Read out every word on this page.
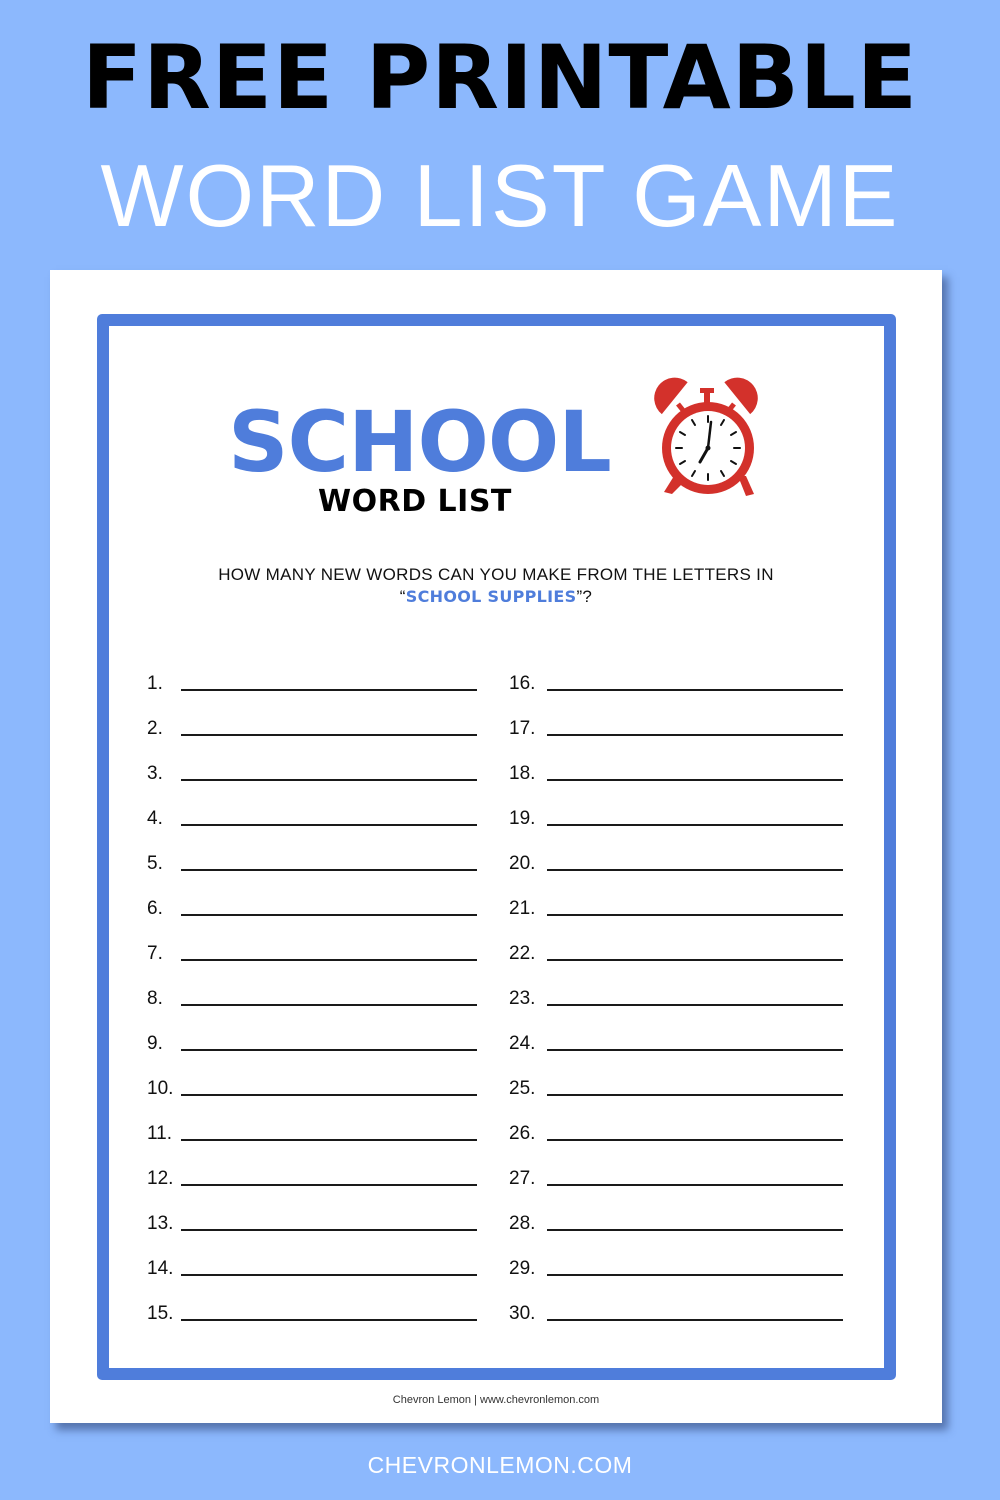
FREE PRINTABLE
WORD LIST GAME
SCHOOL
WORD LIST
HOW MANY NEW WORDS CAN YOU MAKE FROM THE LETTERS IN
“SCHOOL SUPPLIES”?
1.
2.
3.
4.
5.
6.
7.
8.
9.
10.
11.
12.
13.
14.
15.
16.
17.
18.
19.
20.
21.
22.
23.
24.
25.
26.
27.
28.
29.
30.
Chevron Lemon | www.chevronlemon.com
CHEVRONLEMON.COM
